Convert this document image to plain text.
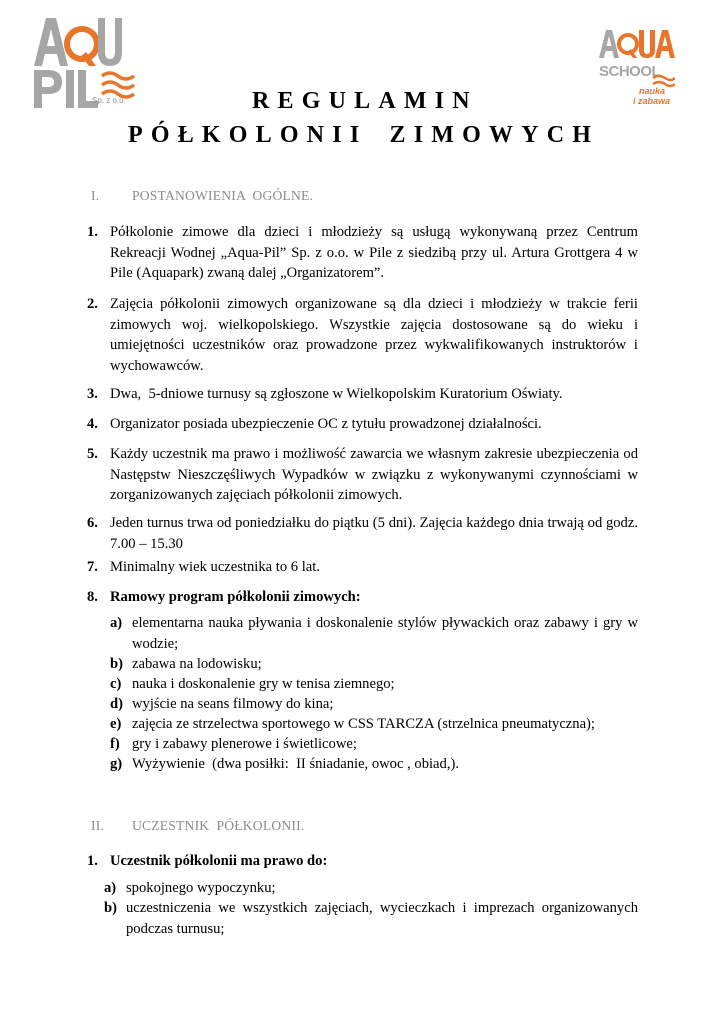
Sp. z o.o.
SCHOOL
nauka
i zabawa
REGULAMIN
PÓŁKOLONII ZIMOWYCH
I. POSTANOWIENIA  OGÓLNE.
1. Półkolonie zimowe dla dzieci i młodzieży są usługą wykonywaną przez Centrum Rekreacji Wodnej „Aqua-Pil” Sp. z o.o. w Pile z siedzibą przy ul. Artura Grottgera 4 w Pile (Aquapark) zwaną dalej „Organizatorem”.
2. Zajęcia półkolonii zimowych organizowane są dla dzieci i młodzieży w trakcie ferii zimowych woj. wielkopolskiego. Wszystkie zajęcia dostosowane są do wieku i umiejętności uczestników oraz prowadzone przez wykwalifikowanych instruktorów i wychowawców.
3. Dwa,  5-dniowe turnusy są zgłoszone w Wielkopolskim Kuratorium Oświaty.
4. Organizator posiada ubezpieczenie OC z tytułu prowadzonej działalności.
5. Każdy uczestnik ma prawo i możliwość zawarcia we własnym zakresie ubezpieczenia od Następstw Nieszczęśliwych Wypadków w związku z wykonywanymi czynnościami w zorganizowanych zajęciach półkolonii zimowych.
6. Jeden turnus trwa od poniedziałku do piątku (5 dni). Zajęcia każdego dnia trwają od godz. 7.00 – 15.30
7. Minimalny wiek uczestnika to 6 lat.
8. Ramowy program półkolonii zimowych:
a) elementarna nauka pływania i doskonalenie stylów pływackich oraz zabawy i gry w wodzie;
b) zabawa na lodowisku;
c) nauka i doskonalenie gry w tenisa ziemnego;
d) wyjście na seans filmowy do kina;
e) zajęcia ze strzelectwa sportowego w CSS TARCZA (strzelnica pneumatyczna);
f) gry i zabawy plenerowe i świetlicowe;
g) Wyżywienie  (dwa posiłki:  II śniadanie, owoc , obiad,).
II. UCZESTNIK  PÓŁKOLONII.
1. Uczestnik półkolonii ma prawo do:
a) spokojnego wypoczynku;
b) uczestniczenia we wszystkich zajęciach, wycieczkach i imprezach organizowanych podczas turnusu;
